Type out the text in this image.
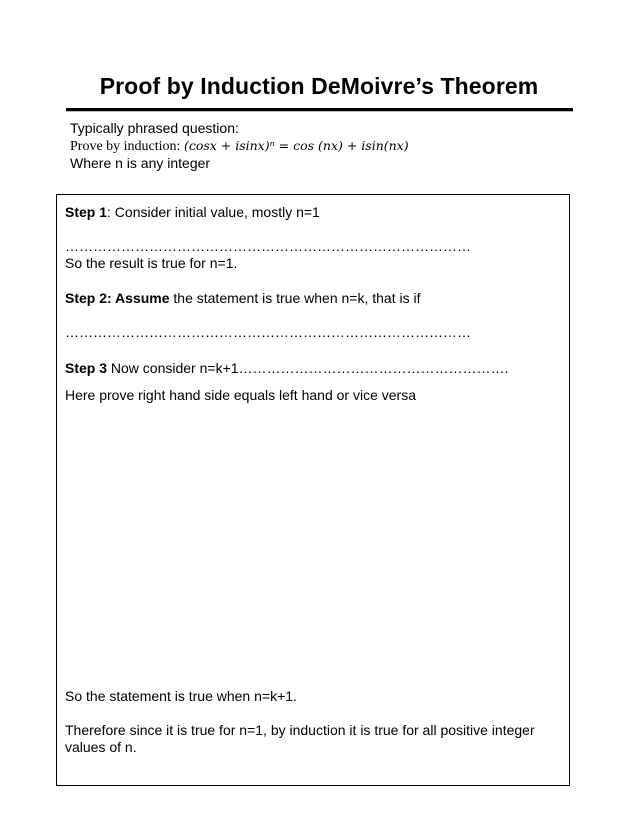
Proof by Induction DeMoivre’s Theorem
Typically phrased question:
Prove by induction: (cosx + isinx)ⁿ = cos (nx) + isin(nx)
Where n is any integer
Step 1: Consider initial value, mostly n=1
……………………………………………………………………………
So the result is true for n=1.
Step 2: Assume the statement is true when n=k, that is if
……………………………………………………………………………
Step 3 Now consider n=k+1………………………………………………….
Here prove right hand side equals left hand or vice versa
So the statement is true when n=k+1.
Therefore since it is true for n=1, by induction it is true for all positive integer values of n.
